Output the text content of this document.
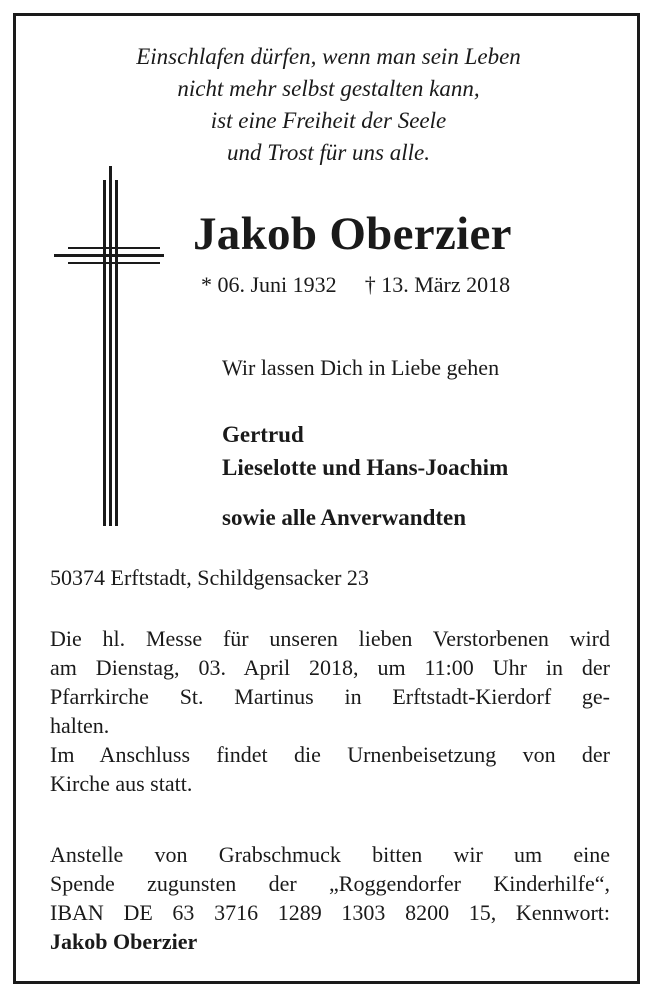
Einschlafen dürfen, wenn man sein Leben
nicht mehr selbst gestalten kann,
ist eine Freiheit der Seele
und Trost für uns alle.
Jakob Oberzier
* 06. Juni 1932 † 13. März 2018
Wir lassen Dich in Liebe gehen
Gertrud
Lieselotte und Hans-Joachim
sowie alle Anverwandten
50374 Erftstadt, Schildgensacker 23
Die hl. Messe für unseren lieben Verstorbenen wird
am Dienstag, 03. April 2018, um 11:00 Uhr in der
Pfarrkirche St. Martinus in Erftstadt-Kierdorf ge-
halten.
Im Anschluss findet die Urnenbeisetzung von der
Kirche aus statt.
Anstelle von Grabschmuck bitten wir um eine
Spende zugunsten der „Roggendorfer Kinderhilfe“,
IBAN DE 63 3716 1289 1303 8200 15, Kennwort:
Jakob Oberzier
